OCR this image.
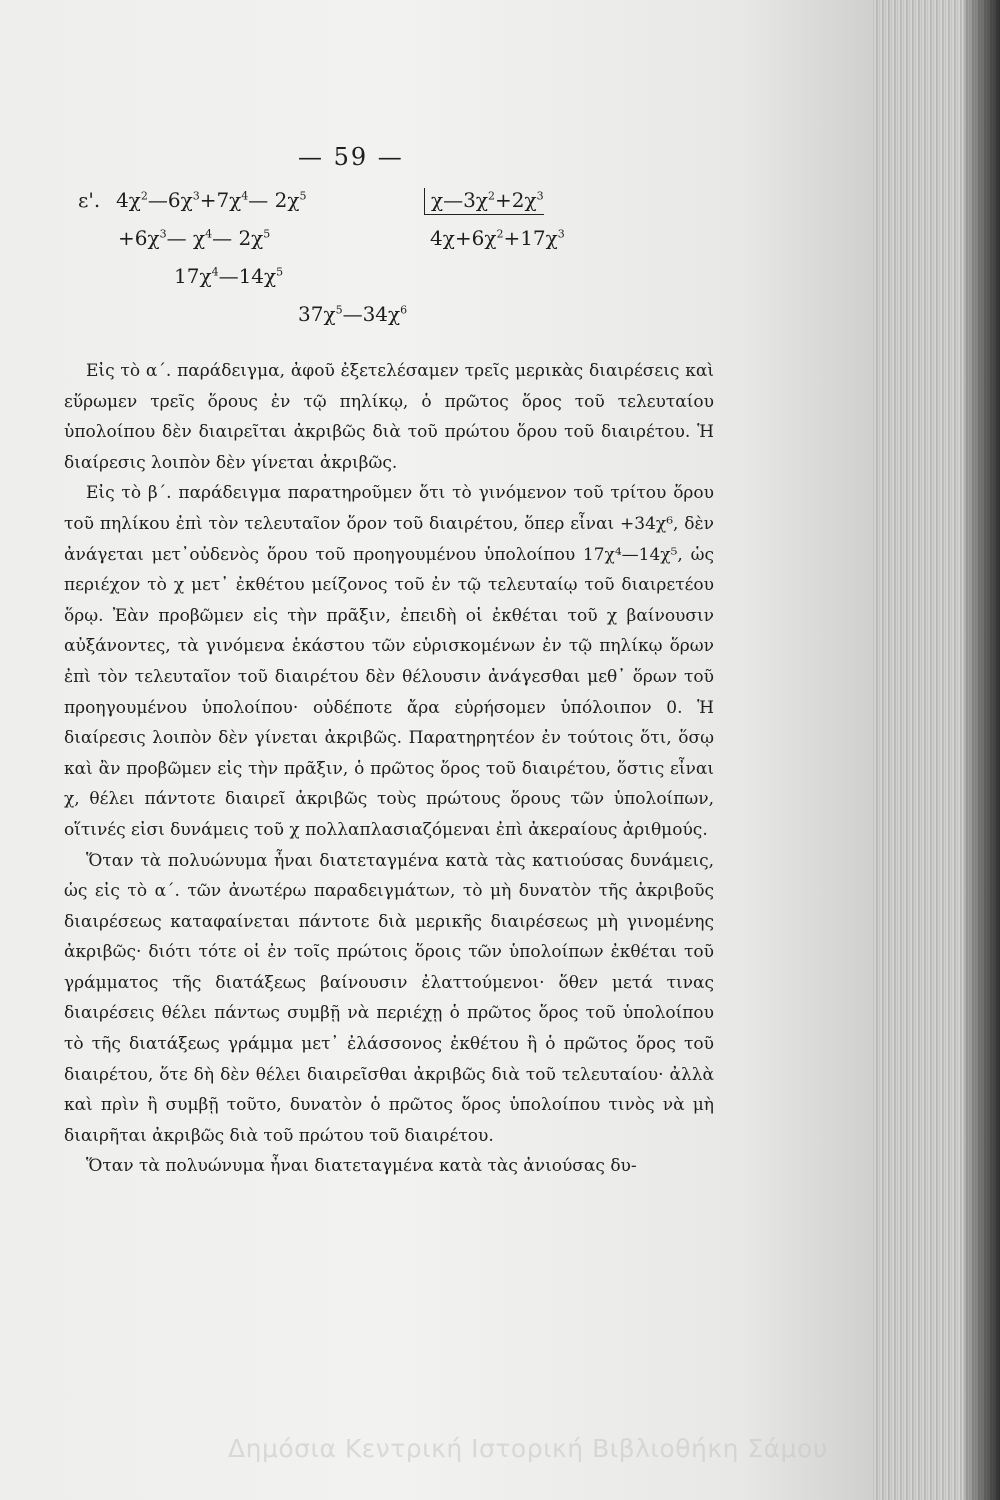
— 59 —
ε'. $4\chi^2—6\chi^3+7\chi^4—$ $2\chi^5$	$\chi—3\chi^2+2\chi^3$
$+6\chi^3—$ $\chi^4—$ $2\chi^5$	$4\chi+6\chi^2+17\chi^3$
$17\chi^4—14\chi^5$
$37\chi^5—34\chi^6$

Εἰς τὸ α΄. παράδειγμα, ἀφοῦ ἐξετελέσαμεν τρεῖς μερικὰς διαιρέσεις καὶ εὕρωμεν τρεῖς ὅρους ἐν τῷ πηλίκῳ, ὁ πρῶτος ὅρος τοῦ τελευταίου ὑπολοίπου δὲν διαιρεῖται ἀκριβῶς διὰ τοῦ πρώτου ὅρου τοῦ διαιρέτου. Ἡ διαίρεσις λοιπὸν δὲν γίνεται ἀκριβῶς.

Εἰς τὸ β΄. παράδειγμα παρατηροῦμεν ὅτι τὸ γινόμενον τοῦ τρίτου ὅρου τοῦ πηλίκου ἐπὶ τὸν τελευταῖον ὅρον τοῦ διαιρέτου, ὅπερ εἶναι +34χ⁶, δὲν ἀνάγεται μετ᾽οὐδενὸς ὅρου τοῦ προηγουμένου ὑπολοίπου 17χ⁴—14χ⁵, ὡς περιέχον τὸ χ μετ᾽ ἐκθέτου μείζονος τοῦ ἐν τῷ τελευταίῳ τοῦ διαιρετέου ὅρῳ. Ἐὰν προβῶμεν εἰς τὴν πρᾶξιν, ἐπειδὴ οἱ ἐκθέται τοῦ χ βαίνουσιν αὐξάνοντες, τὰ γινόμενα ἑκάστου τῶν εὑρισκομένων ἐν τῷ πηλίκῳ ὅρων ἐπὶ τὸν τελευταῖον τοῦ διαιρέτου δὲν θέλουσιν ἀνάγεσθαι μεθ᾽ ὅρων τοῦ προηγουμένου ὑπολοίπου· οὐδέποτε ἄρα εὑρήσομεν ὑπόλοιπον 0. Ἡ διαίρεσις λοιπὸν δὲν γίνεται ἀκριβῶς. Παρατηρητέον ἐν τούτοις ὅτι, ὅσῳ καὶ ἂν προβῶμεν εἰς τὴν πρᾶξιν, ὁ πρῶτος ὅρος τοῦ διαιρέτου, ὅστις εἶναι χ, θέλει πάντοτε διαιρεῖ ἀκριβῶς τοὺς πρώτους ὅρους τῶν ὑπολοίπων, οἵτινές εἰσι δυνάμεις τοῦ χ πολλαπλασιαζόμεναι ἐπὶ ἀκεραίους ἀριθμούς.

Ὅταν τὰ πολυώνυμα ἦναι διατεταγμένα κατὰ τὰς κατιούσας δυνάμεις, ὡς εἰς τὸ α΄. τῶν ἀνωτέρω παραδειγμάτων, τὸ μὴ δυνατὸν τῆς ἀκριβοῦς διαιρέσεως καταφαίνεται πάντοτε διὰ μερικῆς διαιρέσεως μὴ γινομένης ἀκριβῶς· διότι τότε οἱ ἐν τοῖς πρώτοις ὅροις τῶν ὑπολοίπων ἐκθέται τοῦ γράμματος τῆς διατάξεως βαίνουσιν ἐλαττούμενοι· ὅθεν μετά τινας διαιρέσεις θέλει πάντως συμβῇ νὰ περιέχῃ ὁ πρῶτος ὅρος τοῦ ὑπολοίπου τὸ τῆς διατάξεως γράμμα μετ᾽ ἐλάσσονος ἐκθέτου ἢ ὁ πρῶτος ὅρος τοῦ διαιρέτου, ὅτε δὴ δὲν θέλει διαιρεῖσθαι ἀκριβῶς διὰ τοῦ τελευταίου· ἀλλὰ καὶ πρὶν ἢ συμβῇ τοῦτο, δυνατὸν ὁ πρῶτος ὅρος ὑπολοίπου τινὸς νὰ μὴ διαιρῆται ἀκριβῶς διὰ τοῦ πρώτου τοῦ διαιρέτου.

Ὅταν τὰ πολυώνυμα ἦναι διατεταγμένα κατὰ τὰς ἀνιούσας δυ-

Δημόσια Κεντρική Ιστορική Βιβλιοθήκη Σάμου
